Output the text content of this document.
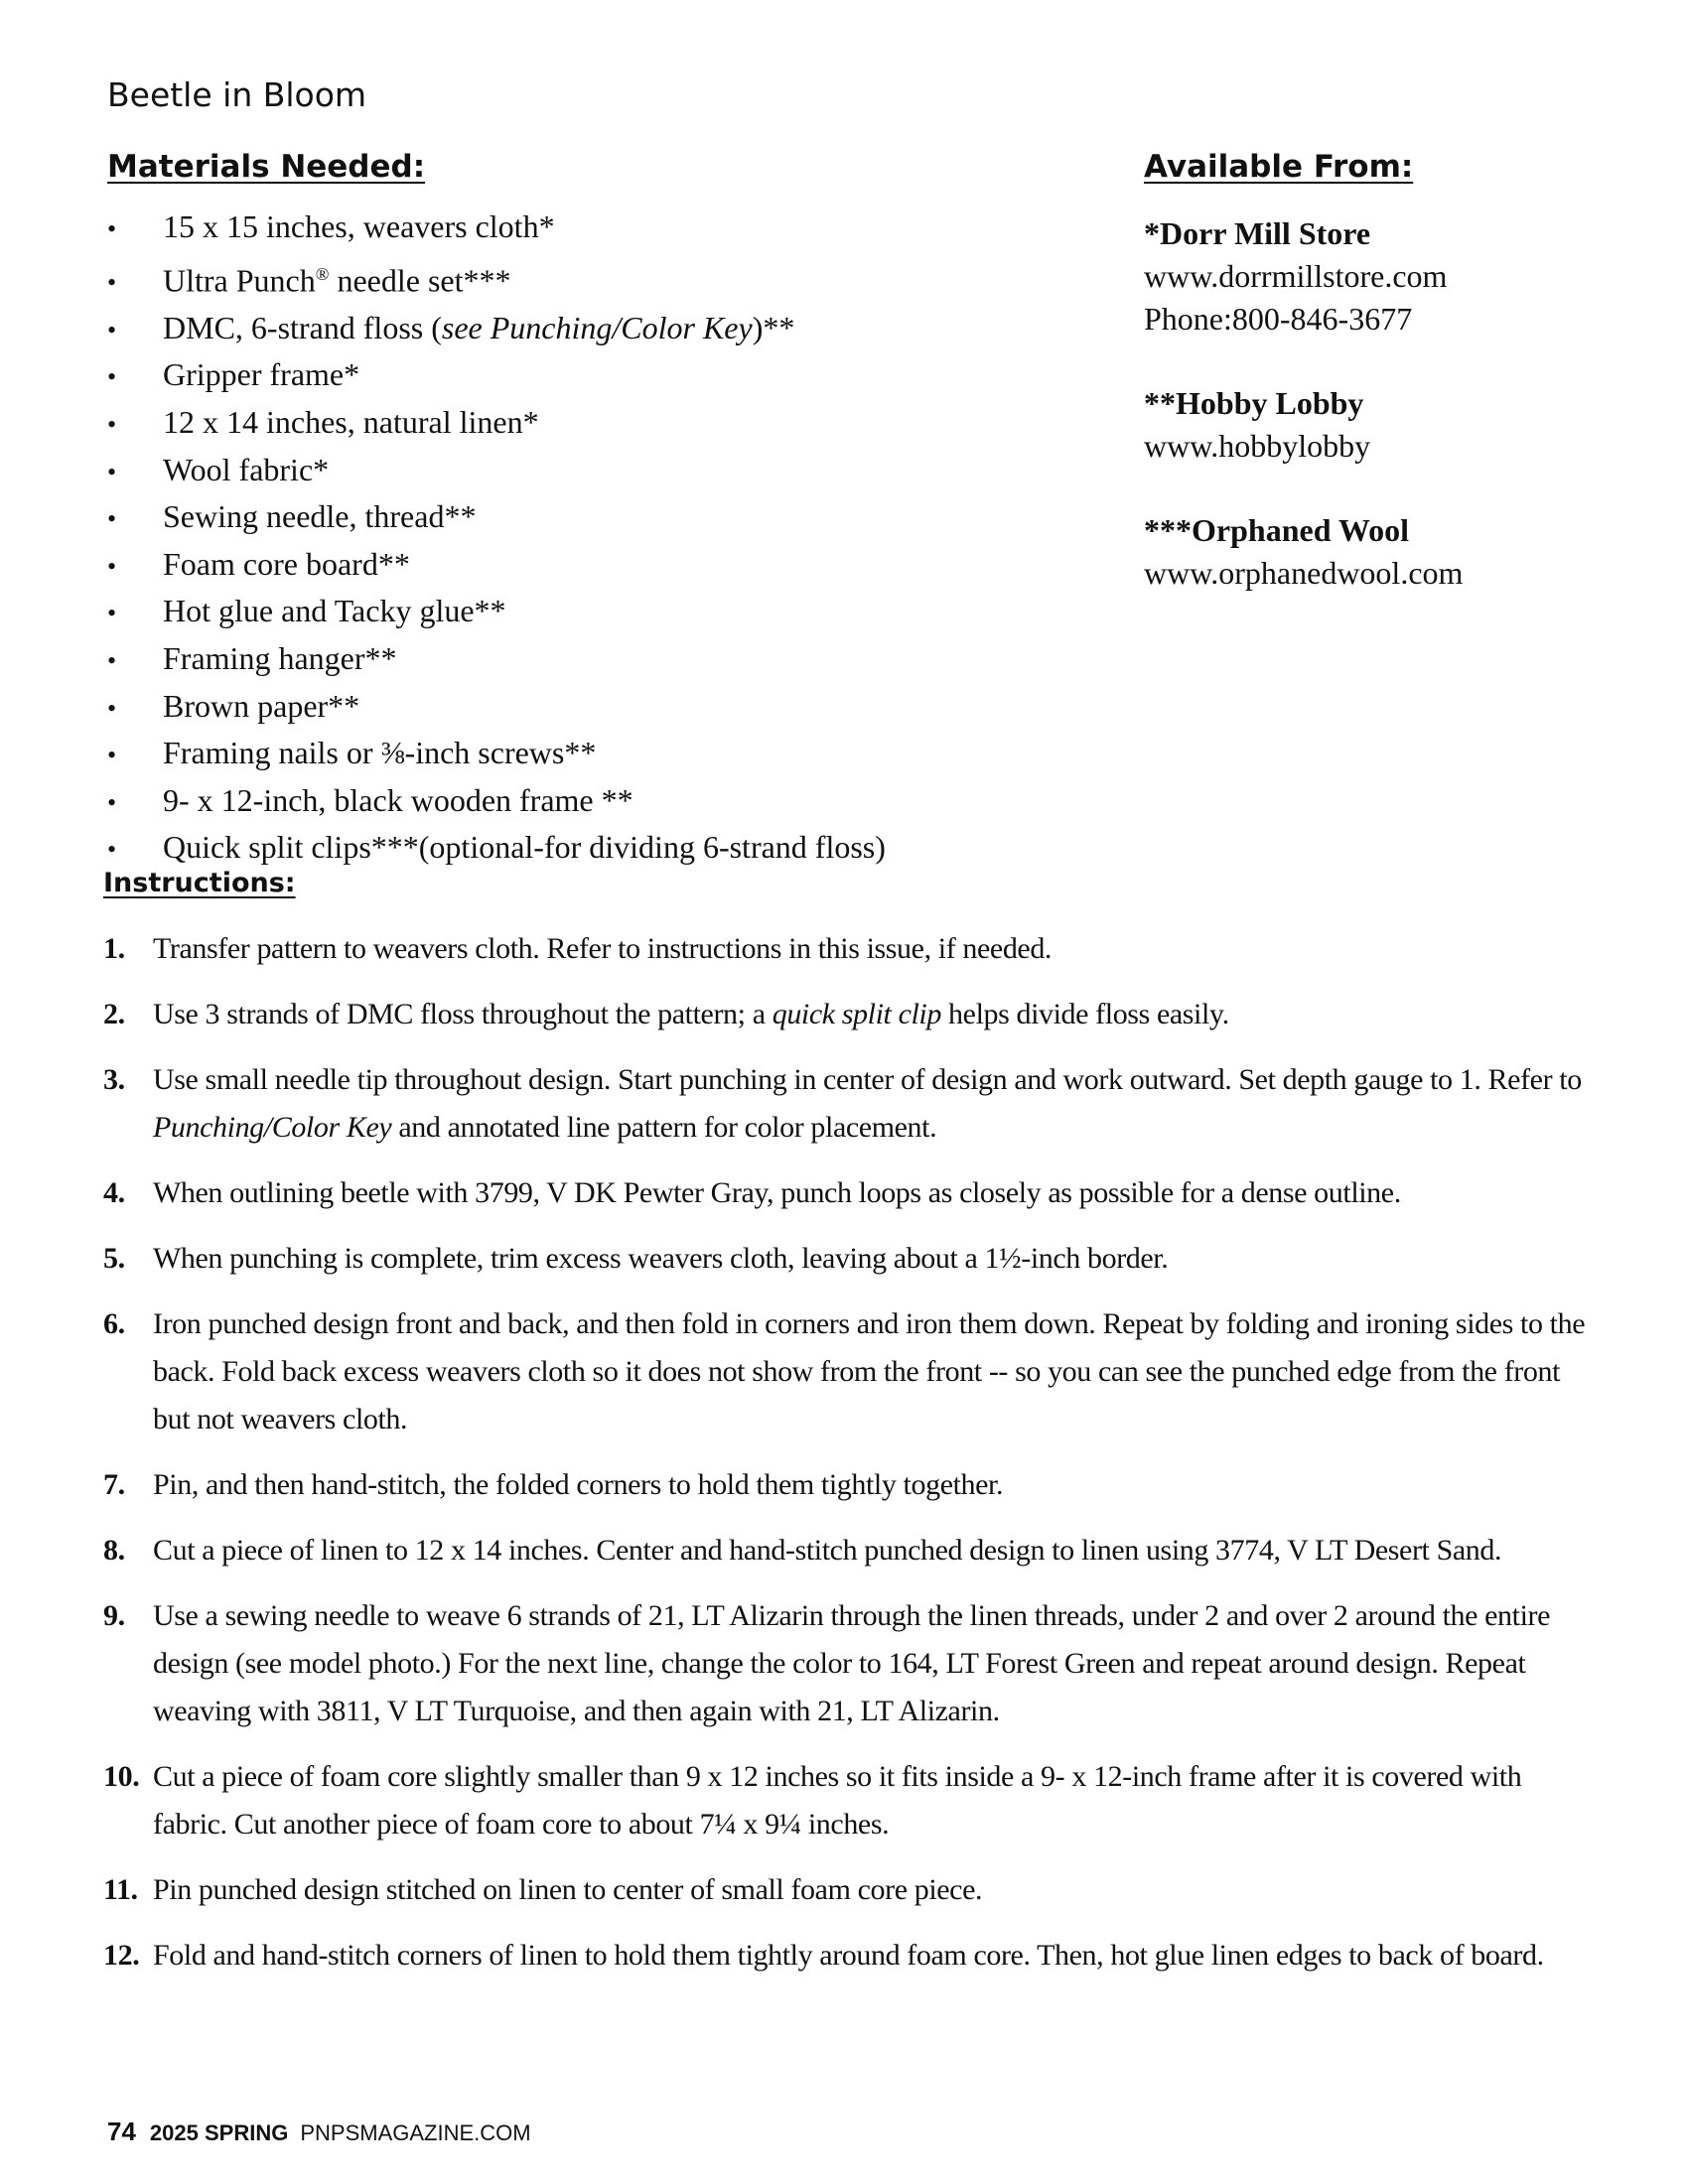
Beetle in Bloom
Materials Needed:
•	15 x 15 inches, weavers cloth*
•	Ultra Punch® needle set***
•	DMC, 6-strand floss (see Punching/Color Key)**
•	Gripper frame*
•	12 x 14 inches, natural linen*
•	Wool fabric*
•	Sewing needle, thread**
•	Foam core board**
•	Hot glue and Tacky glue**
•	Framing hanger**
•	Brown paper**
•	Framing nails or ⅜-inch screws**
•	9- x 12-inch, black wooden frame **
•	Quick split clips***(optional-for dividing 6-strand floss)
Available From:
*Dorr Mill Store
www.dorrmillstore.com
Phone:800-846-3677
**Hobby Lobby
www.hobbylobby
***Orphaned Wool
www.orphanedwool.com
Instructions:
1. Transfer pattern to weavers cloth. Refer to instructions in this issue, if needed.
2. Use 3 strands of DMC floss throughout the pattern; a quick split clip helps divide floss easily.
3. Use small needle tip throughout design. Start punching in center of design and work outward. Set depth gauge to 1. Refer to Punching/Color Key and annotated line pattern for color placement.
4. When outlining beetle with 3799, V DK Pewter Gray, punch loops as closely as possible for a dense outline.
5. When punching is complete, trim excess weavers cloth, leaving about a 1½-inch border.
6. Iron punched design front and back, and then fold in corners and iron them down. Repeat by folding and ironing sides to the back. Fold back excess weavers cloth so it does not show from the front -- so you can see the punched edge from the front but not weavers cloth.
7. Pin, and then hand-stitch, the folded corners to hold them tightly together.
8. Cut a piece of linen to 12 x 14 inches. Center and hand-stitch punched design to linen using 3774, V LT Desert Sand.
9. Use a sewing needle to weave 6 strands of 21, LT Alizarin through the linen threads, under 2 and over 2 around the entire design (see model photo.) For the next line, change the color to 164, LT Forest Green and repeat around design. Repeat weaving with 3811, V LT Turquoise, and then again with 21, LT Alizarin.
10. Cut a piece of foam core slightly smaller than 9 x 12 inches so it fits inside a 9- x 12-inch frame after it is covered with fabric. Cut another piece of foam core to about 7¼ x 9¼ inches.
11. Pin punched design stitched on linen to center of small foam core piece.
12. Fold and hand-stitch corners of linen to hold them tightly around foam core. Then, hot glue linen edges to back of board.
74 2025 SPRING PNPSMAGAZINE.COM
